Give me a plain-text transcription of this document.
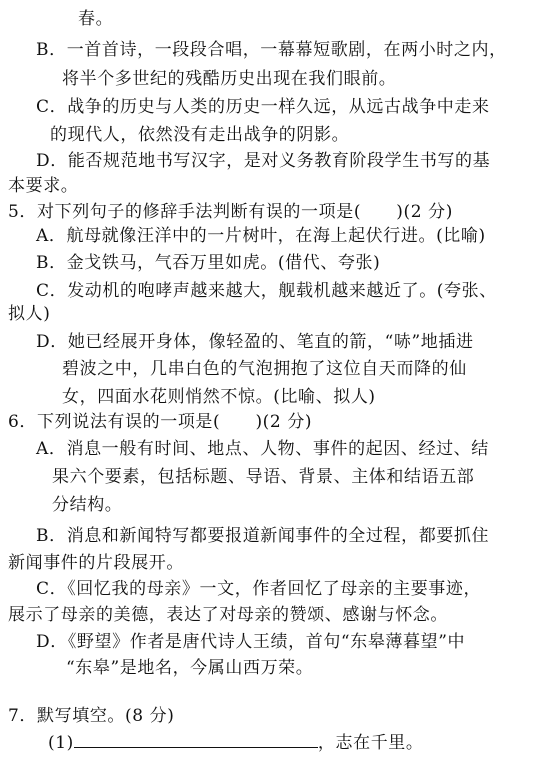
春。
B．一首首诗，一段段合唱，一幕幕短歌剧，在两小时之内，
将半个多世纪的残酷历史出现在我们眼前。
C．战争的历史与人类的历史一样久远，从远古战争中走来
的现代人，依然没有走出战争的阴影。
D．能否规范地书写汉字，是对义务教育阶段学生书写的基
本要求。
5．对下列句子的修辞手法判断有误的一项是(　　)(2 分)
A．航母就像汪洋中的一片树叶，在海上起伏行进。(比喻)
B．金戈铁马，气吞万里如虎。(借代、夸张)
C．发动机的咆哮声越来越大，舰载机越来越近了。(夸张、
拟人)
D．她已经展开身体，像轻盈的、笔直的箭，“哧”地插进
碧波之中，几串白色的气泡拥抱了这位自天而降的仙
女，四面水花则悄然不惊。(比喻、拟人)
6．下列说法有误的一项是(　　)(2 分)
A．消息一般有时间、地点、人物、事件的起因、经过、结
果六个要素，包括标题、导语、背景、主体和结语五部
分结构。
B．消息和新闻特写都要报道新闻事件的全过程，都要抓住
新闻事件的片段展开。
C．《回忆我的母亲》一文，作者回忆了母亲的主要事迹，
展示了母亲的美德，表达了对母亲的赞颂、感谢与怀念。
D．《野望》作者是唐代诗人王绩，首句“东皋薄暮望”中
“东皋”是地名，今属山西万荣。
7．默写填空。(8 分)
(1)	，志在千里。
